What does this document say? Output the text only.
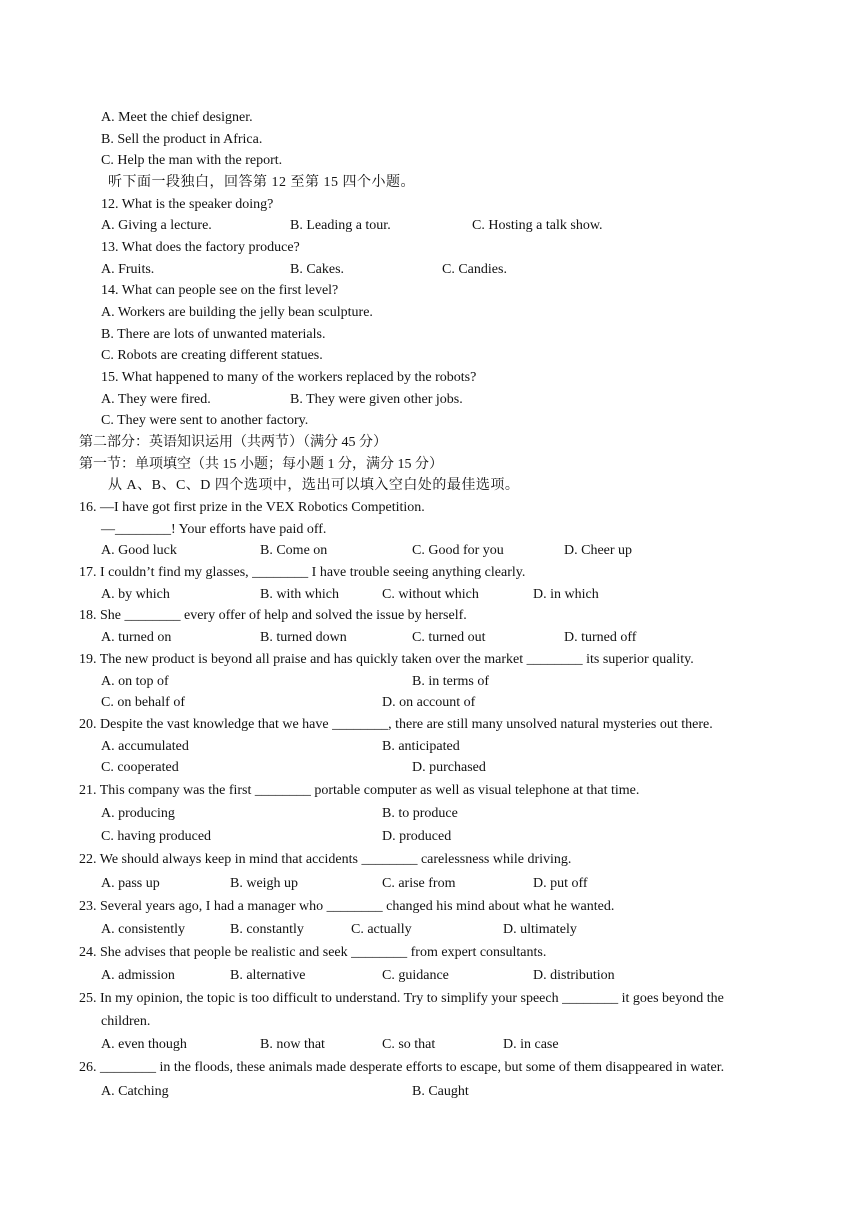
A. Meet the chief designer.
B. Sell the product in Africa.
C. Help the man with the report.
听下面一段独白，回答第 12 至第 15 四个小题。
12. What is the speaker doing?
A. Giving a lecture.	B. Leading a tour.	C. Hosting a talk show.
13. What does the factory produce?
A. Fruits.	B. Cakes.	C. Candies.
14. What can people see on the first level?
A. Workers are building the jelly bean sculpture.
B. There are lots of unwanted materials.
C. Robots are creating different statues.
15. What happened to many of the workers replaced by the robots?
A. They were fired.	B. They were given other jobs.
C. They were sent to another factory.
第二部分：英语知识运用（共两节）（满分 45 分）
第一节：单项填空（共 15 小题；每小题 1 分，满分 15 分）
从 A、B、C、D 四个选项中，选出可以填入空白处的最佳选项。
16. —I have got first prize in the VEX Robotics Competition.
—________! Your efforts have paid off.
A. Good luck	B. Come on	C. Good for you	D. Cheer up
17. I couldn’t find my glasses, ________ I have trouble seeing anything clearly.
A. by which	B. with which	C. without which	D. in which
18. She ________ every offer of help and solved the issue by herself.
A. turned on	B. turned down	C. turned out	D. turned off
19. The new product is beyond all praise and has quickly taken over the market ________ its superior quality.
A. on top of	B. in terms of
C. on behalf of	D. on account of
20. Despite the vast knowledge that we have ________, there are still many unsolved natural mysteries out there.
A. accumulated	B. anticipated
C. cooperated	D. purchased
21. This company was the first ________ portable computer as well as visual telephone at that time.
A. producing	B. to produce
C. having produced	D. produced
22. We should always keep in mind that accidents ________ carelessness while driving.
A. pass up	B. weigh up	C. arise from	D. put off
23. Several years ago, I had a manager who ________ changed his mind about what he wanted.
A. consistently	B. constantly	C. actually	D. ultimately
24. She advises that people be realistic and seek ________ from expert consultants.
A. admission	B. alternative	C. guidance	D. distribution
25. In my opinion, the topic is too difficult to understand. Try to simplify your speech ________ it goes beyond the
children.
A. even though	B. now that	C. so that	D. in case
26. ________ in the floods, these animals made desperate efforts to escape, but some of them disappeared in water.
A. Catching	B. Caught
